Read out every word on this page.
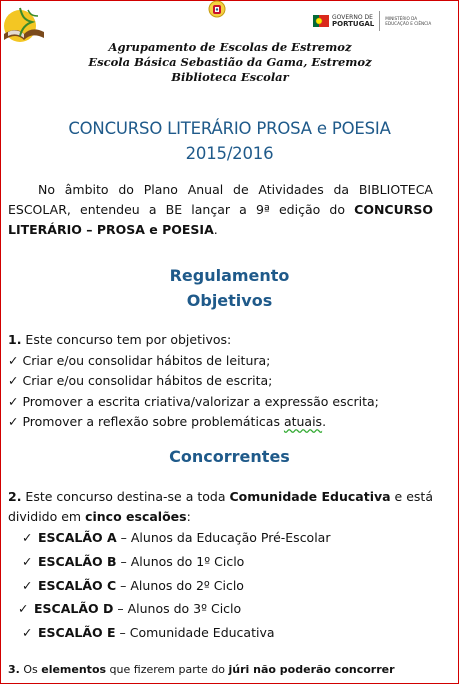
GOVERNO DE
PORTUGAL
MINISTÉRIO DA EDUCAÇÃO E CIÊNCIA
Agrupamento de Escolas de Estremoz
Escola Básica Sebastião da Gama, Estremoz
Biblioteca Escolar
CONCURSO LITERÁRIO PROSA e POESIA
2015/2016
No âmbito do Plano Anual de Atividades da BIBLIOTECA ESCOLAR, entendeu a BE lançar a 9ª edição do CONCURSO LITERÁRIO – PROSA e POESIA.
Regulamento
Objetivos
1. Este concurso tem por objetivos:
✓ Criar e/ou consolidar hábitos de leitura;
✓ Criar e/ou consolidar hábitos de escrita;
✓ Promover a escrita criativa/valorizar a expressão escrita;
✓ Promover a reflexão sobre problemáticas atuais.
Concorrentes
2. Este concurso destina-se a toda Comunidade Educativa e está dividido em cinco escalões:
✓ ESCALÃO A – Alunos da Educação Pré-Escolar
✓ ESCALÃO B – Alunos do 1º Ciclo
✓ ESCALÃO C – Alunos do 2º Ciclo
✓ ESCALÃO D – Alunos do 3º Ciclo
✓ ESCALÃO E – Comunidade Educativa
3. Os elementos que fizerem parte do júri não poderão concorrer
